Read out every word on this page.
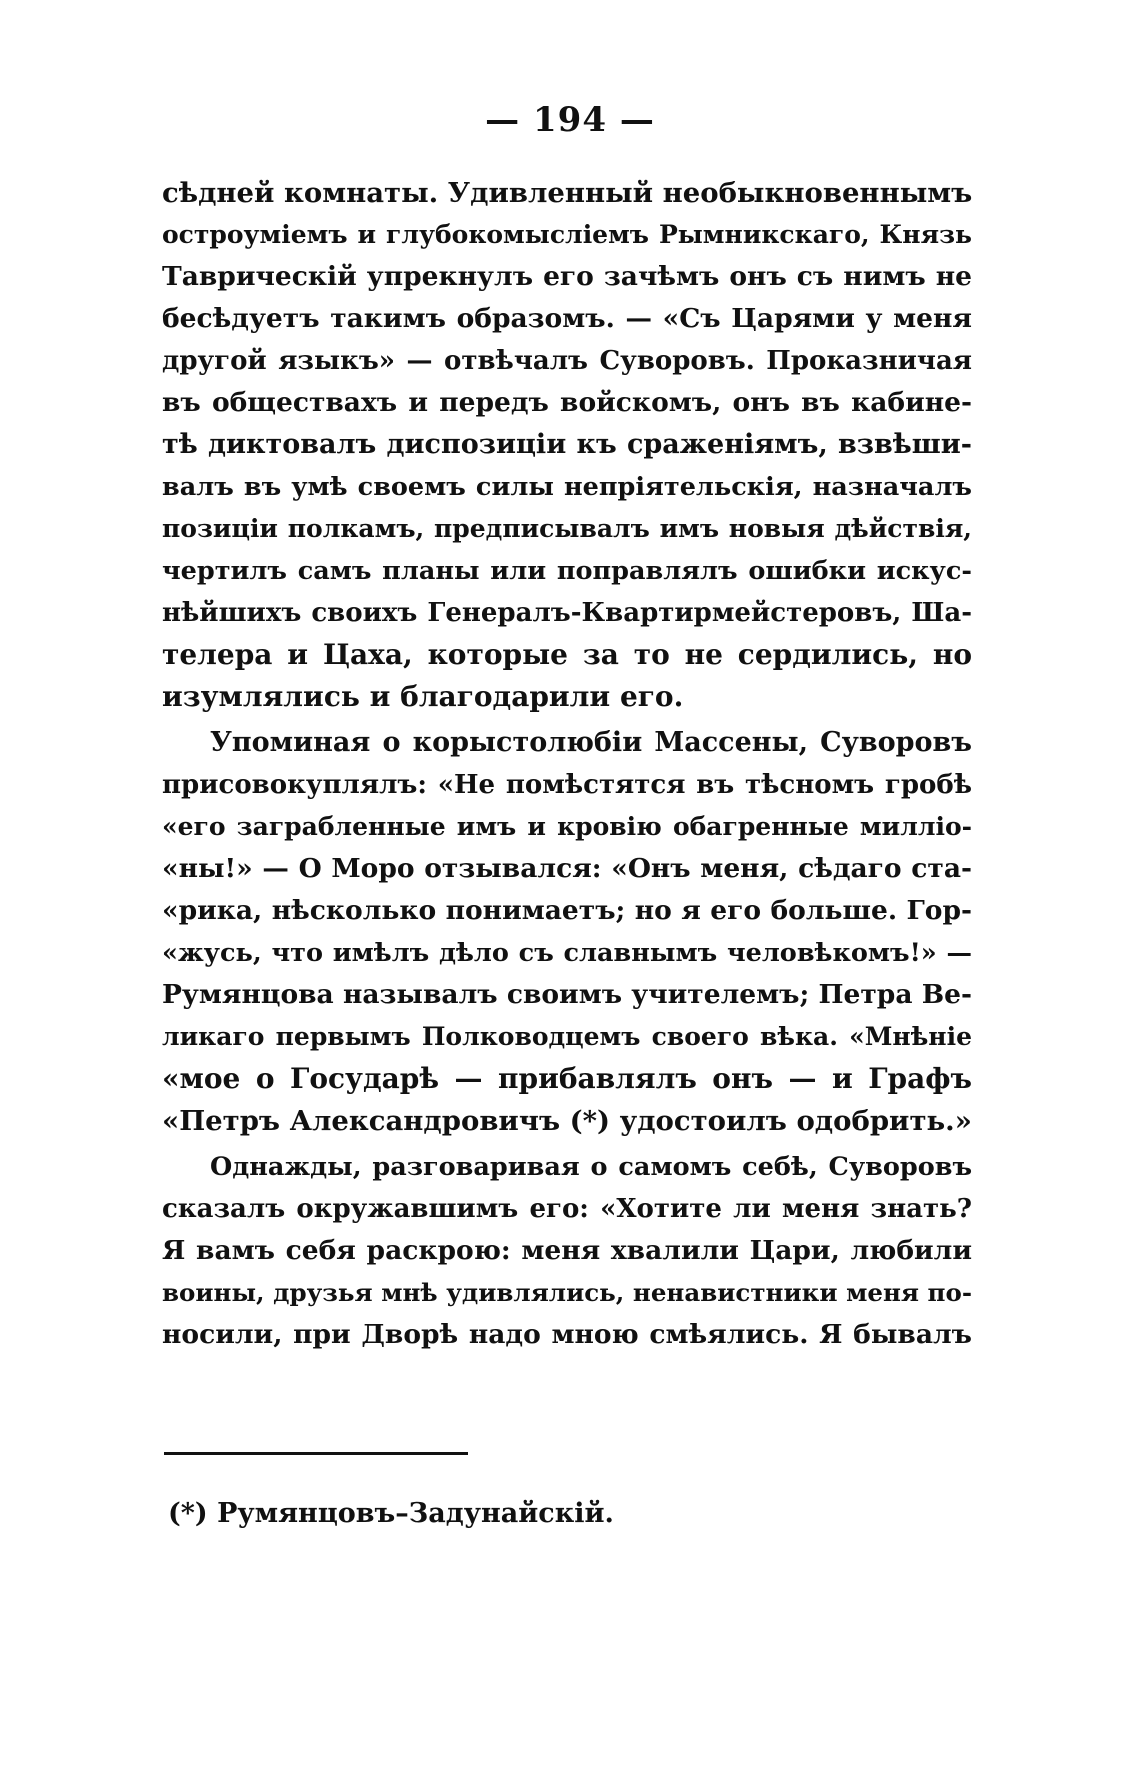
— 194 —
сѣдней комнаты. Удивленный необыкновеннымъ
остроумiемъ и глубокомыслiемъ Рымникскаго, Князь
Таврическiй упрекнулъ его зачѣмъ онъ съ нимъ не
бесѣдуетъ такимъ образомъ. — «Съ Царями у меня
другой языкъ» — отвѣчалъ Суворовъ. Проказничая
въ обществахъ и передъ войскомъ, онъ въ кабине-
тѣ диктовалъ диспозицiи къ сраженiямъ, взвѣши-
валъ въ умѣ своемъ силы непрiятельскiя, назначалъ
позицiи полкамъ, предписывалъ имъ новыя дѣйствiя,
чертилъ самъ планы или поправлялъ ошибки искус-
нѣйшихъ своихъ Генералъ-Квартирмейстеровъ, Ша-
телера и Цаха, которые за то не сердились, но
изумлялись и благодарили его.
Упоминая о корыстолюбiи Массены, Суворовъ
присовокуплялъ: «Не помѣстятся въ тѣсномъ гробѣ
«его заграбленные имъ и кровiю обагренные миллiо-
«ны!» — О Моро отзывался: «Онъ меня, сѣдаго ста-
«рика, нѣсколько понимаетъ; но я его больше. Гор-
«жусь, что имѣлъ дѣло съ славнымъ человѣкомъ!» —
Румянцова называлъ своимъ учителемъ; Петра Ве-
ликаго первымъ Полководцемъ своего вѣка. «Мнѣнiе
«мое о Государѣ — прибавлялъ онъ — и Графъ
«Петръ Александровичъ (*) удостоилъ одобрить.»
Однажды, разговаривая о самомъ себѣ, Суворовъ
сказалъ окружавшимъ его: «Хотите ли меня знать?
Я вамъ себя раскрою: меня хвалили Цари, любили
воины, друзья мнѣ удивлялись, ненавистники меня по-
носили, при Дворѣ надо мною смѣялись. Я бывалъ
(*) Румянцовъ–Задунайскiй.
